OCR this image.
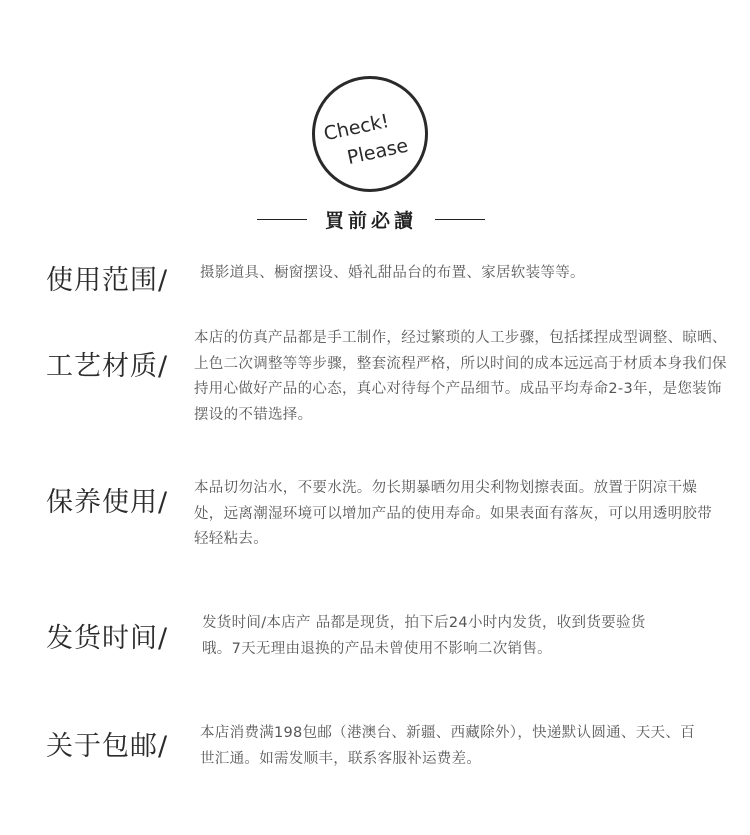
Check!
Please
買前必讀
使用范围/ 摄影道具、橱窗摆设、婚礼甜品台的布置、家居软装等等。
工艺材质/
本店的仿真产品都是手工制作，经过繁琐的人工步骤，包括揉捏成型调整、晾晒、上色二次调整等等步骤，整套流程严格，所以时间的成本远远高于材质本身我们保持用心做好产品的心态，真心对待每个产品细节。成品平均寿命2-3年，是您装饰摆设的不错选择。
保养使用/ 本品切勿沾水，不要水洗。勿长期暴晒勿用尖利物划擦表面。放置于阴凉干燥处，远离潮湿环境可以增加产品的使用寿命。如果表面有落灰，可以用透明胶带轻轻粘去。
发货时间/ 发货时间/本店产 品都是现货，拍下后24小时内发货，收到货要验货哦。7天无理由退换的产品未曾使用不影响二次销售。
关于包邮/ 本店消费满198包邮（港澳台、新疆、西藏除外），快递默认圆通、天天、百世汇通。如需发顺丰，联系客服补运费差。
